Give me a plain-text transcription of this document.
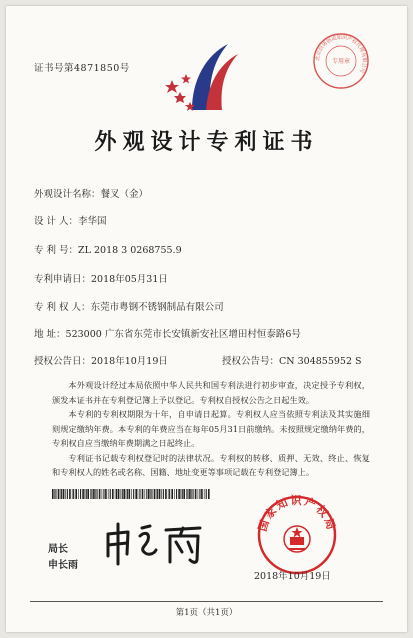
证书号第4871850号
北京信诺创成知识产权代理有限公司
专用章
外观设计专利证书
外观设计名称：餐叉（金）
设 计 人：李华国
专 利 号：ZL 2018 3 0268755.9
专利申请日：2018年05月31日
专 利 权 人：东莞市粤钢不锈钢制品有限公司
地 址：523000 广东省东莞市长安镇新安社区增田村恒泰路6号
授权公告日：2018年10月19日	授权公告号：CN 304855952 S

本外观设计经过本局依照中华人民共和国专利法进行初步审查，决定授予专利权，颁发本证书并在专利登记簿上予以登记。专利权自授权公告之日起生效。

本专利的专利权期限为十年，自申请日起算。专利权人应当依照专利法及其实施细则规定缴纳年费。本专利的年费应当在每年05月31日前缴纳。未按照规定缴纳年费的，专利权自应当缴纳年费期满之日起终止。

专利证书记载专利权登记时的法律状况。专利权的转移、质押、无效、终止、恢复和专利权人的姓名或名称、国籍、地址变更等事项记载在专利登记簿上。

局长
申长雨
国家知识产权局
2018年10月19日
第1页（共1页）
